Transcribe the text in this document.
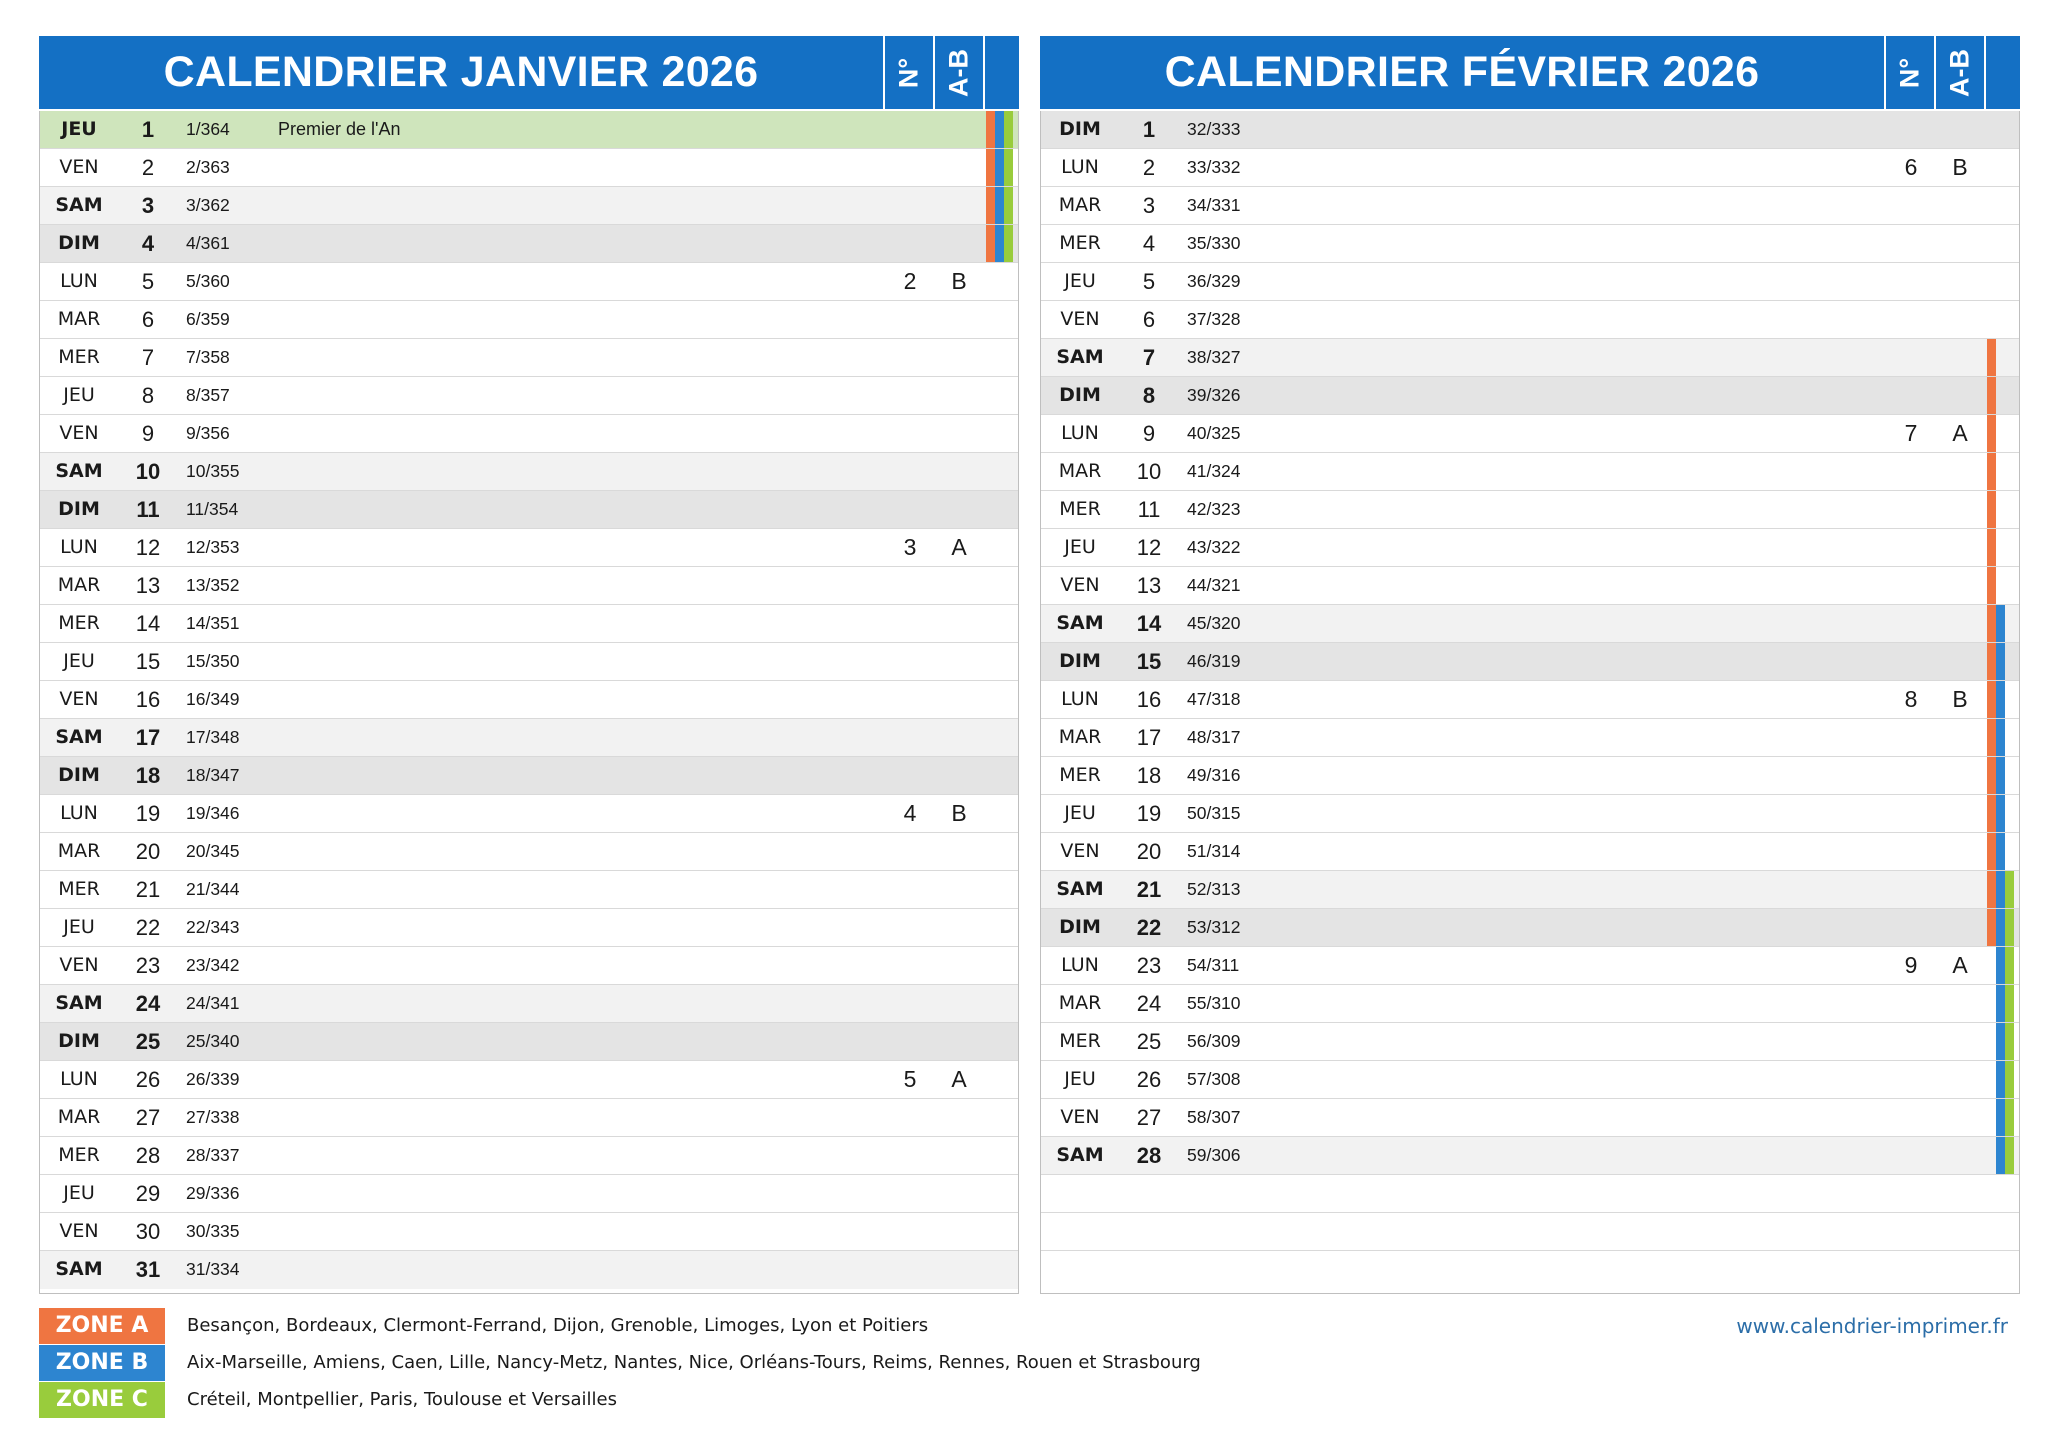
CALENDRIER JANVIER 2026	N° A-B
JEU	1	1/364	Premier de l'An
VEN	2	2/363
SAM	3	3/362
DIM	4	4/361
LUN	5	5/360	2	B
MAR	6	6/359
MER	7	7/358
JEU	8	8/357
VEN	9	9/356
SAM	10	10/355
DIM	11	11/354
LUN	12	12/353	3	A
MAR	13	13/352
MER	14	14/351
JEU	15	15/350
VEN	16	16/349
SAM	17	17/348
DIM	18	18/347
LUN	19	19/346	4	B
MAR	20	20/345
MER	21	21/344
JEU	22	22/343
VEN	23	23/342
SAM	24	24/341
DIM	25	25/340
LUN	26	26/339	5	A
MAR	27	27/338
MER	28	28/337
JEU	29	29/336
VEN	30	30/335
SAM	31	31/334
CALENDRIER FÉVRIER 2026	N° A-B
DIM	1	32/333
LUN	2	33/332	6	B
MAR	3	34/331
MER	4	35/330
JEU	5	36/329
VEN	6	37/328
SAM	7	38/327
DIM	8	39/326
LUN	9	40/325	7	A
MAR	10	41/324
MER	11	42/323
JEU	12	43/322
VEN	13	44/321
SAM	14	45/320
DIM	15	46/319
LUN	16	47/318	8	B
MAR	17	48/317
MER	18	49/316
JEU	19	50/315
VEN	20	51/314
SAM	21	52/313
DIM	22	53/312
LUN	23	54/311	9	A
MAR	24	55/310
MER	25	56/309
JEU	26	57/308
VEN	27	58/307
SAM	28	59/306
ZONE A	Besançon, Bordeaux, Clermont-Ferrand, Dijon, Grenoble, Limoges, Lyon et Poitiers
ZONE B	Aix-Marseille, Amiens, Caen, Lille, Nancy-Metz, Nantes, Nice, Orléans-Tours, Reims, Rennes, Rouen et Strasbourg
ZONE C	Créteil, Montpellier, Paris, Toulouse et Versailles
www.calendrier-imprimer.fr
